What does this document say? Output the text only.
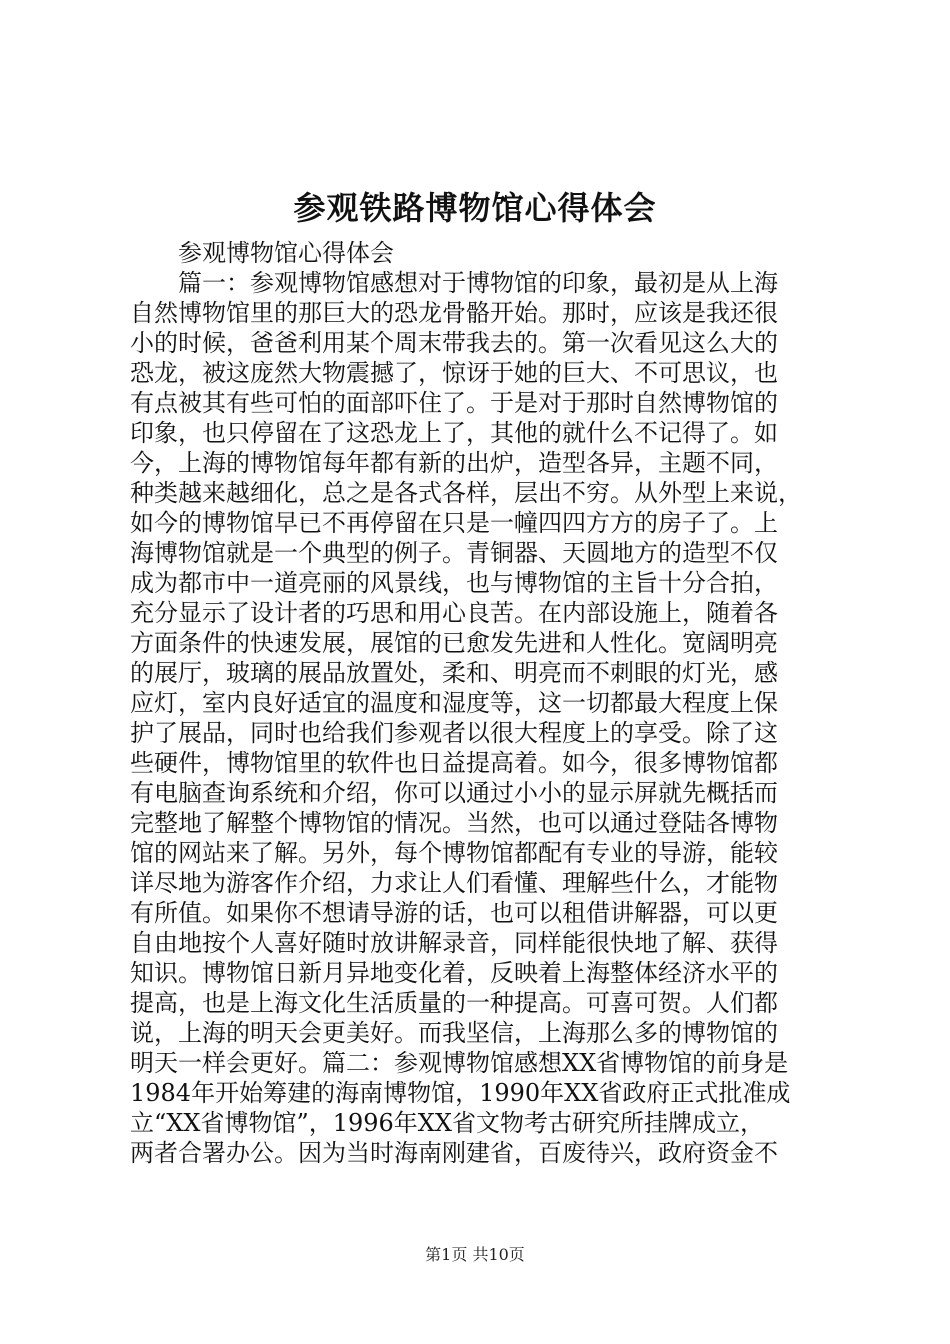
参观铁路博物馆心得体会
　　参观博物馆心得体会
　　篇一：参观博物馆感想对于博物馆的印象，最初是从上海
自然博物馆里的那巨大的恐龙骨骼开始。那时，应该是我还很
小的时候，爸爸利用某个周末带我去的。第一次看见这么大的
恐龙，被这庞然大物震撼了，惊讶于她的巨大、不可思议，也
有点被其有些可怕的面部吓住了。于是对于那时自然博物馆的
印象，也只停留在了这恐龙上了，其他的就什么不记得了。如
今，上海的博物馆每年都有新的出炉，造型各异，主题不同，
种类越来越细化，总之是各式各样，层出不穷。从外型上来说，
如今的博物馆早已不再停留在只是一幢四四方方的房子了。上
海博物馆就是一个典型的例子。青铜器、天圆地方的造型不仅
成为都市中一道亮丽的风景线，也与博物馆的主旨十分合拍，
充分显示了设计者的巧思和用心良苦。在内部设施上，随着各
方面条件的快速发展，展馆的已愈发先进和人性化。宽阔明亮
的展厅，玻璃的展品放置处，柔和、明亮而不刺眼的灯光，感
应灯，室内良好适宜的温度和湿度等，这一切都最大程度上保
护了展品，同时也给我们参观者以很大程度上的享受。除了这
些硬件，博物馆里的软件也日益提高着。如今，很多博物馆都
有电脑查询系统和介绍，你可以通过小小的显示屏就先概括而
完整地了解整个博物馆的情况。当然，也可以通过登陆各博物
馆的网站来了解。另外，每个博物馆都配有专业的导游，能较
详尽地为游客作介绍，力求让人们看懂、理解些什么，才能物
有所值。如果你不想请导游的话，也可以租借讲解器，可以更
自由地按个人喜好随时放讲解录音，同样能很快地了解、获得
知识。博物馆日新月异地变化着，反映着上海整体经济水平的
提高，也是上海文化生活质量的一种提高。可喜可贺。人们都
说，上海的明天会更美好。而我坚信，上海那么多的博物馆的
明天一样会更好。篇二：参观博物馆感想XX省博物馆的前身是
1984年开始筹建的海南博物馆，1990年XX省政府正式批准成
立“XX省博物馆”，1996年XX省文物考古研究所挂牌成立，
两者合署办公。因为当时海南刚建省，百废待兴，政府资金不
第1页 共10页
